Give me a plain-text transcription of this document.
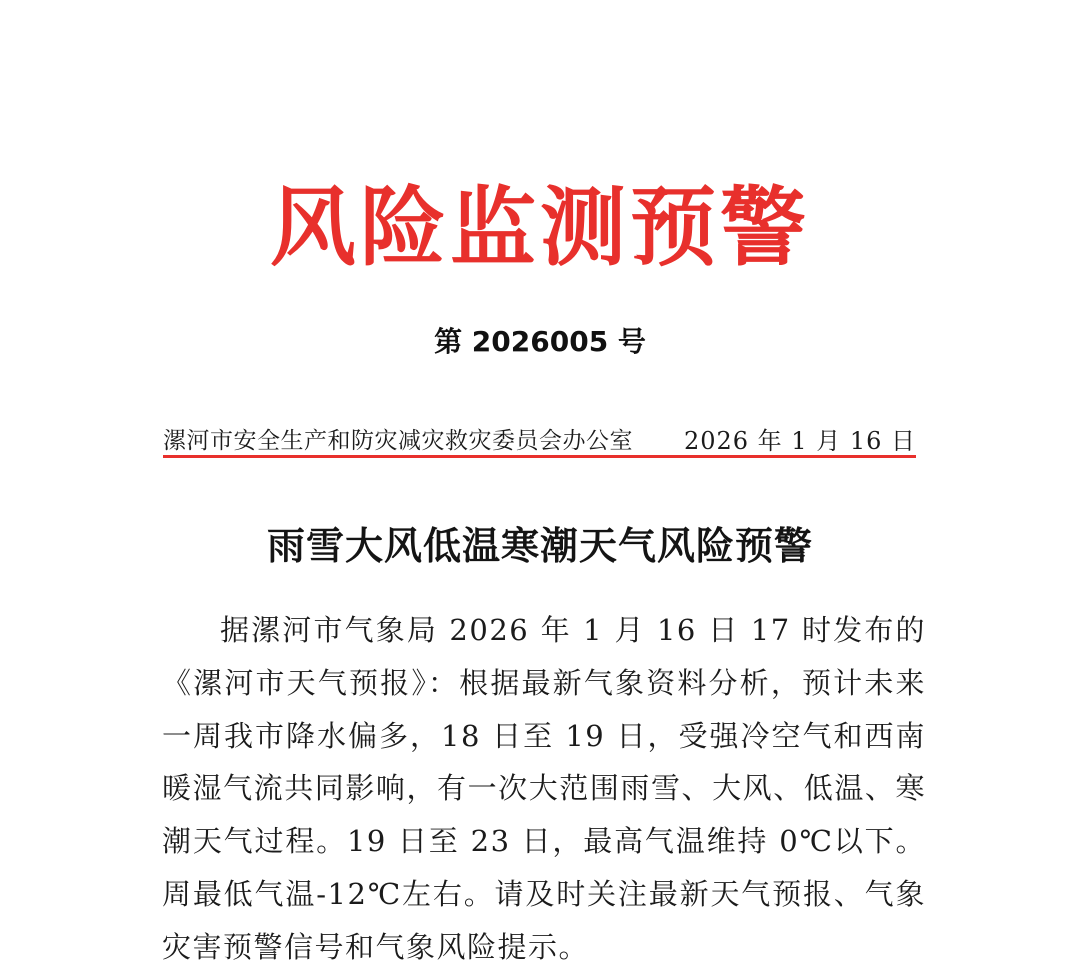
风险监测预警
第 2026005 号
漯河市安全生产和防灾减灾救灾委员会办公室 2026 年 1 月 16 日
雨雪大风低温寒潮天气风险预警

据漯河市气象局 2026 年 1 月 16 日 17 时发布的《漯河市天气预报》：根据最新气象资料分析，预计未来一周我市降水偏多，18 日至 19 日，受强冷空气和西南暖湿气流共同影响，有一次大范围雨雪、大风、低温、寒潮天气过程。19 日至 23 日，最高气温维持 0℃以下。周最低气温-12℃左右。请及时关注最新天气预报、气象灾害预警信号和气象风险提示。
